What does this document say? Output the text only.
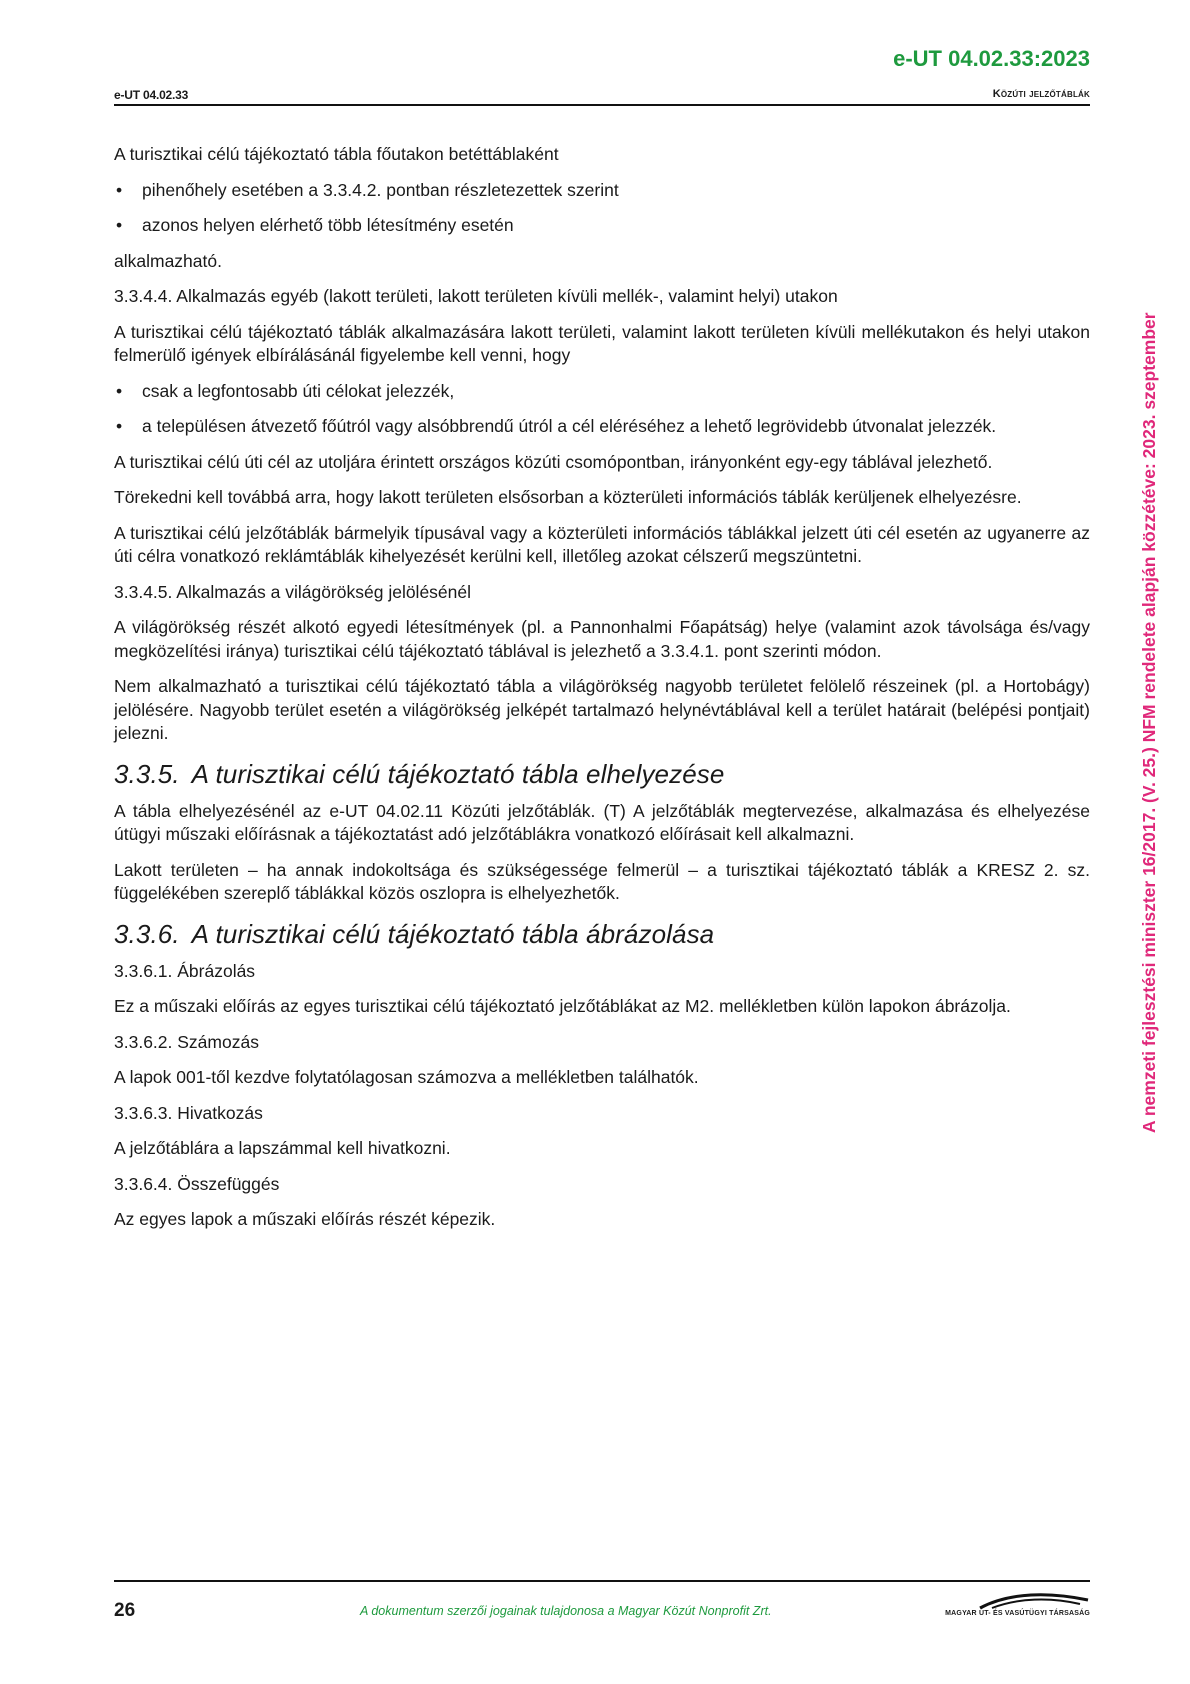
e-UT 04.02.33:2023
e-UT 04.02.33	Közúti jelzőtáblák
A nemzeti fejlesztési miniszter 16/2017. (V. 25.) NFM rendelete alapján közzétéve: 2023. szeptember

A turisztikai célú tájékoztató tábla főutakon betéttáblaként

• pihenőhely esetében a 3.3.4.2. pontban részletezettek szerint
• azonos helyen elérhető több létesítmény esetén

alkalmazható.

3.3.4.4. Alkalmazás egyéb (lakott területi, lakott területen kívüli mellék-, valamint helyi) utakon

A turisztikai célú tájékoztató táblák alkalmazására lakott területi, valamint lakott területen kívüli mellékutakon és helyi utakon felmerülő igények elbírálásánál figyelembe kell venni, hogy

• csak a legfontosabb úti célokat jelezzék,
• a településen átvezető főútról vagy alsóbbrendű útról a cél eléréséhez a lehető legrövidebb útvonalat jelezzék.

A turisztikai célú úti cél az utoljára érintett országos közúti csomópontban, irányonként egy-egy táblával jelezhető.

Törekedni kell továbbá arra, hogy lakott területen elsősorban a közterületi információs táblák kerüljenek elhelyezésre.

A turisztikai célú jelzőtáblák bármelyik típusával vagy a közterületi információs táblákkal jelzett úti cél esetén az ugyanerre az úti célra vonatkozó reklámtáblák kihelyezését kerülni kell, illetőleg azokat célszerű megszüntetni.

3.3.4.5. Alkalmazás a világörökség jelölésénél

A világörökség részét alkotó egyedi létesítmények (pl. a Pannonhalmi Főapátság) helye (valamint azok távolsága és/vagy megközelítési iránya) turisztikai célú tájékoztató táblával is jelezhető a 3.3.4.1. pont szerinti módon.

Nem alkalmazható a turisztikai célú tájékoztató tábla a világörökség nagyobb területet felölelő részeinek (pl. a Hortobágy) jelölésére. Nagyobb terület esetén a világörökség jelképét tartalmazó helynévtáblával kell a terület határait (belépési pontjait) jelezni.

3.3.5. A turisztikai célú tájékoztató tábla elhelyezése

A tábla elhelyezésénél az e-UT 04.02.11 Közúti jelzőtáblák. (T) A jelzőtáblák megtervezése, alkalmazása és elhelyezése útügyi műszaki előírásnak a tájékoztatást adó jelzőtáblákra vonatkozó előírásait kell alkalmazni.

Lakott területen – ha annak indokoltsága és szükségessége felmerül – a turisztikai tájékoztató táblák a KRESZ 2. sz. függelékében szereplő táblákkal közös oszlopra is elhelyezhetők.

3.3.6. A turisztikai célú tájékoztató tábla ábrázolása

3.3.6.1. Ábrázolás

Ez a műszaki előírás az egyes turisztikai célú tájékoztató jelzőtáblákat az M2. mellékletben külön lapokon ábrázolja.

3.3.6.2. Számozás

A lapok 001-től kezdve folytatólagosan számozva a mellékletben találhatók.

3.3.6.3. Hivatkozás

A jelzőtáblára a lapszámmal kell hivatkozni.

3.3.6.4. Összefüggés

Az egyes lapok a műszaki előírás részét képezik.

26	A dokumentum szerzői jogainak tulajdonosa a Magyar Közút Nonprofit Zrt.	MAGYAR ÚT- ÉS VASÚTÜGYI TÁRSASÁG
